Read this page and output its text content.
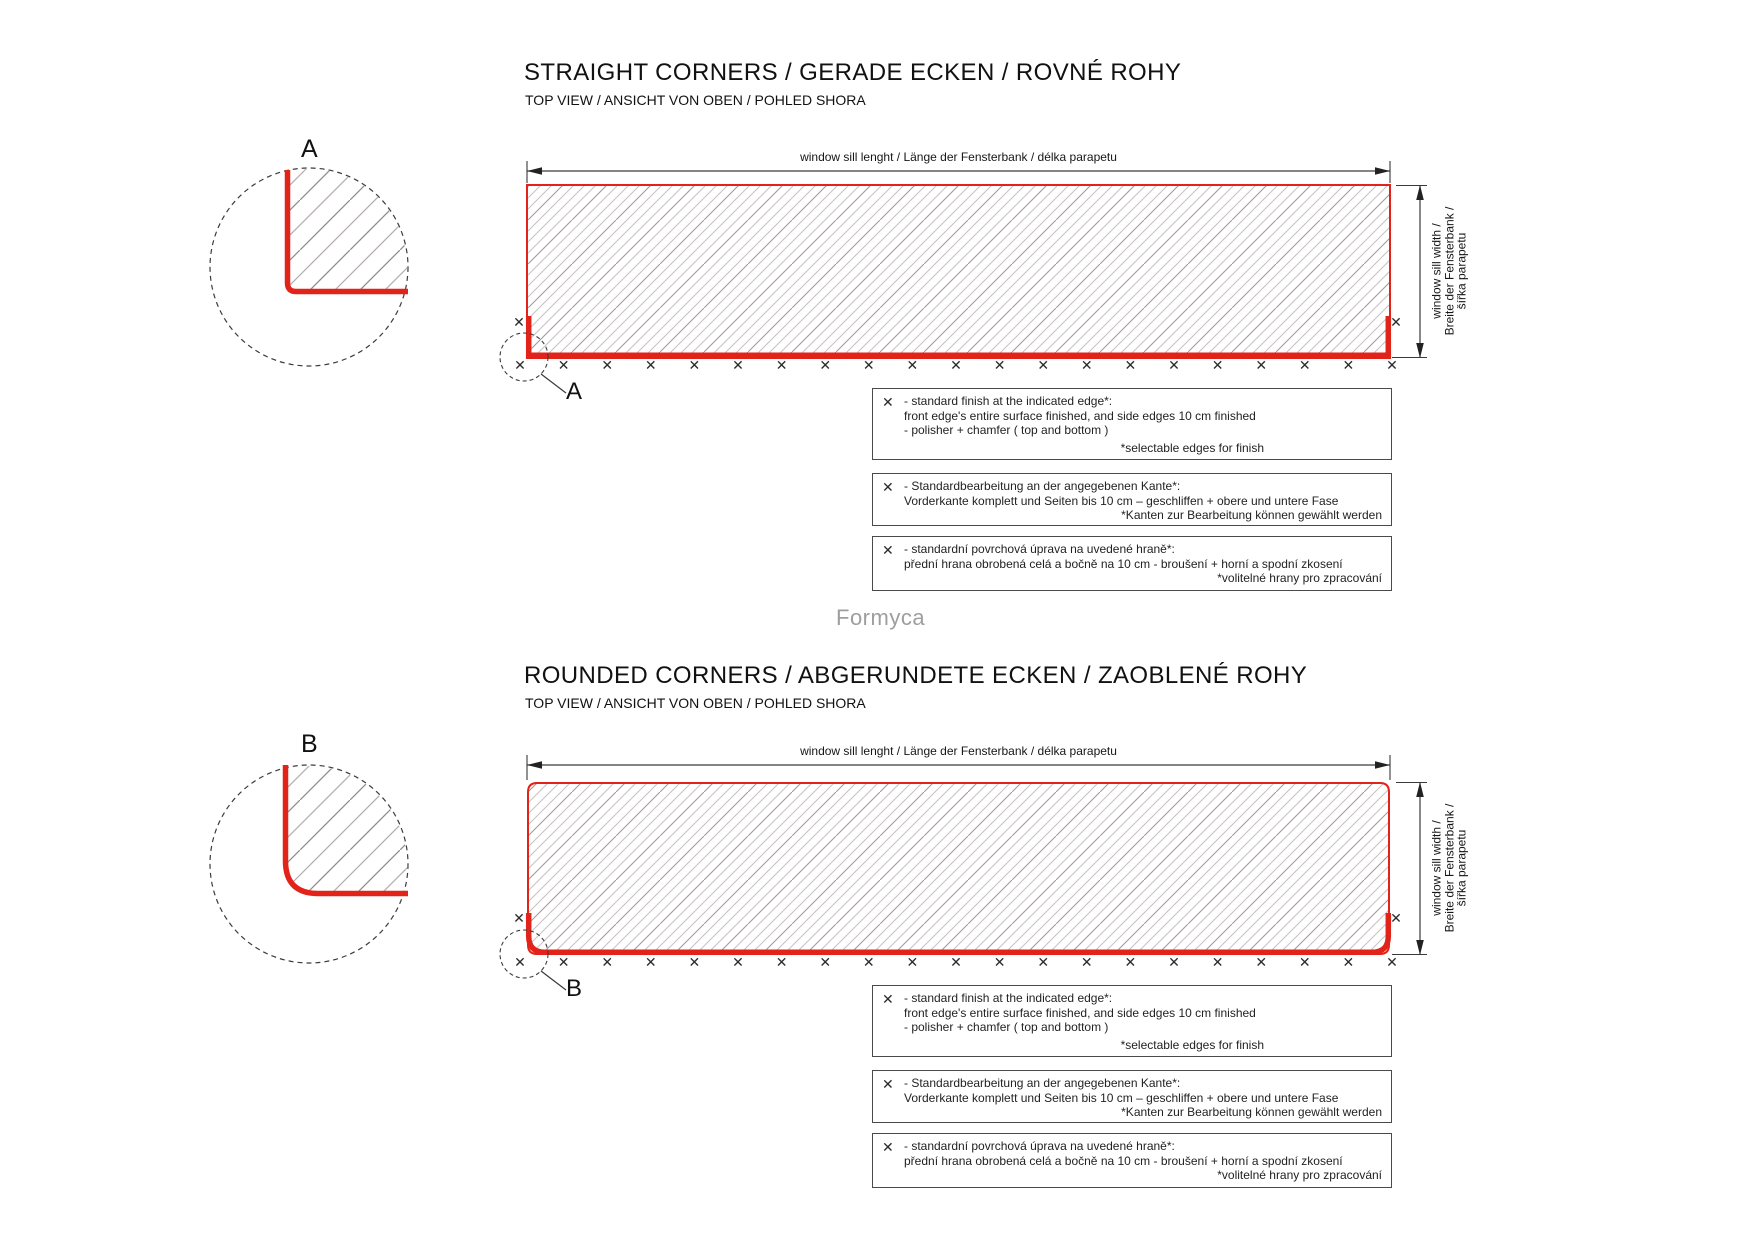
✕ ✕ ✕ ✕ ✕ ✕ ✕ ✕ ✕ ✕ ✕ ✕ ✕ ✕ ✕ ✕ ✕ ✕ ✕ ✕ ✕
✕ ✕ ✕ ✕ ✕ ✕ ✕ ✕ ✕ ✕ ✕ ✕ ✕ ✕ ✕ ✕ ✕ ✕ ✕ ✕ ✕
✕	✕
✕	✕
STRAIGHT CORNERS / GERADE ECKEN / ROVNÉ ROHY
TOP VIEW / ANSICHT VON OBEN / POHLED SHORA
A	window sill lenght / Länge der Fensterbank / délka parapetu
window sill width /
Breite der Fensterbank /
šířka parapetu
A	✕ - standard finish at the indicated edge*:
front edge's entire surface finished, and side edges 10 cm finished
- polisher + chamfer ( top and bottom )
*selectable edges for finish
✕ - Standardbearbeitung an der angegebenen Kante*:
Vorderkante komplett und Seiten bis 10 cm – geschliffen + obere und untere Fase
*Kanten zur Bearbeitung können gewählt werden
✕ - standardní povrchová úprava na uvedené hraně*:
přední hrana obrobená celá a bočně na 10 cm - broušení + horní a spodní zkosení
*volitelné hrany pro zpracování
Formyca
ROUNDED CORNERS / ABGERUNDETE ECKEN / ZAOBLENÉ ROHY
TOP VIEW / ANSICHT VON OBEN / POHLED SHORA
B	window sill lenght / Länge der Fensterbank / délka parapetu
window sill width /
Breite der Fensterbank /
šířka parapetu
B	✕ - standard finish at the indicated edge*:
front edge's entire surface finished, and side edges 10 cm finished
- polisher + chamfer ( top and bottom )
*selectable edges for finish
✕ - Standardbearbeitung an der angegebenen Kante*:
Vorderkante komplett und Seiten bis 10 cm – geschliffen + obere und untere Fase
*Kanten zur Bearbeitung können gewählt werden
✕ - standardní povrchová úprava na uvedené hraně*:
přední hrana obrobená celá a bočně na 10 cm - broušení + horní a spodní zkosení
*volitelné hrany pro zpracování
